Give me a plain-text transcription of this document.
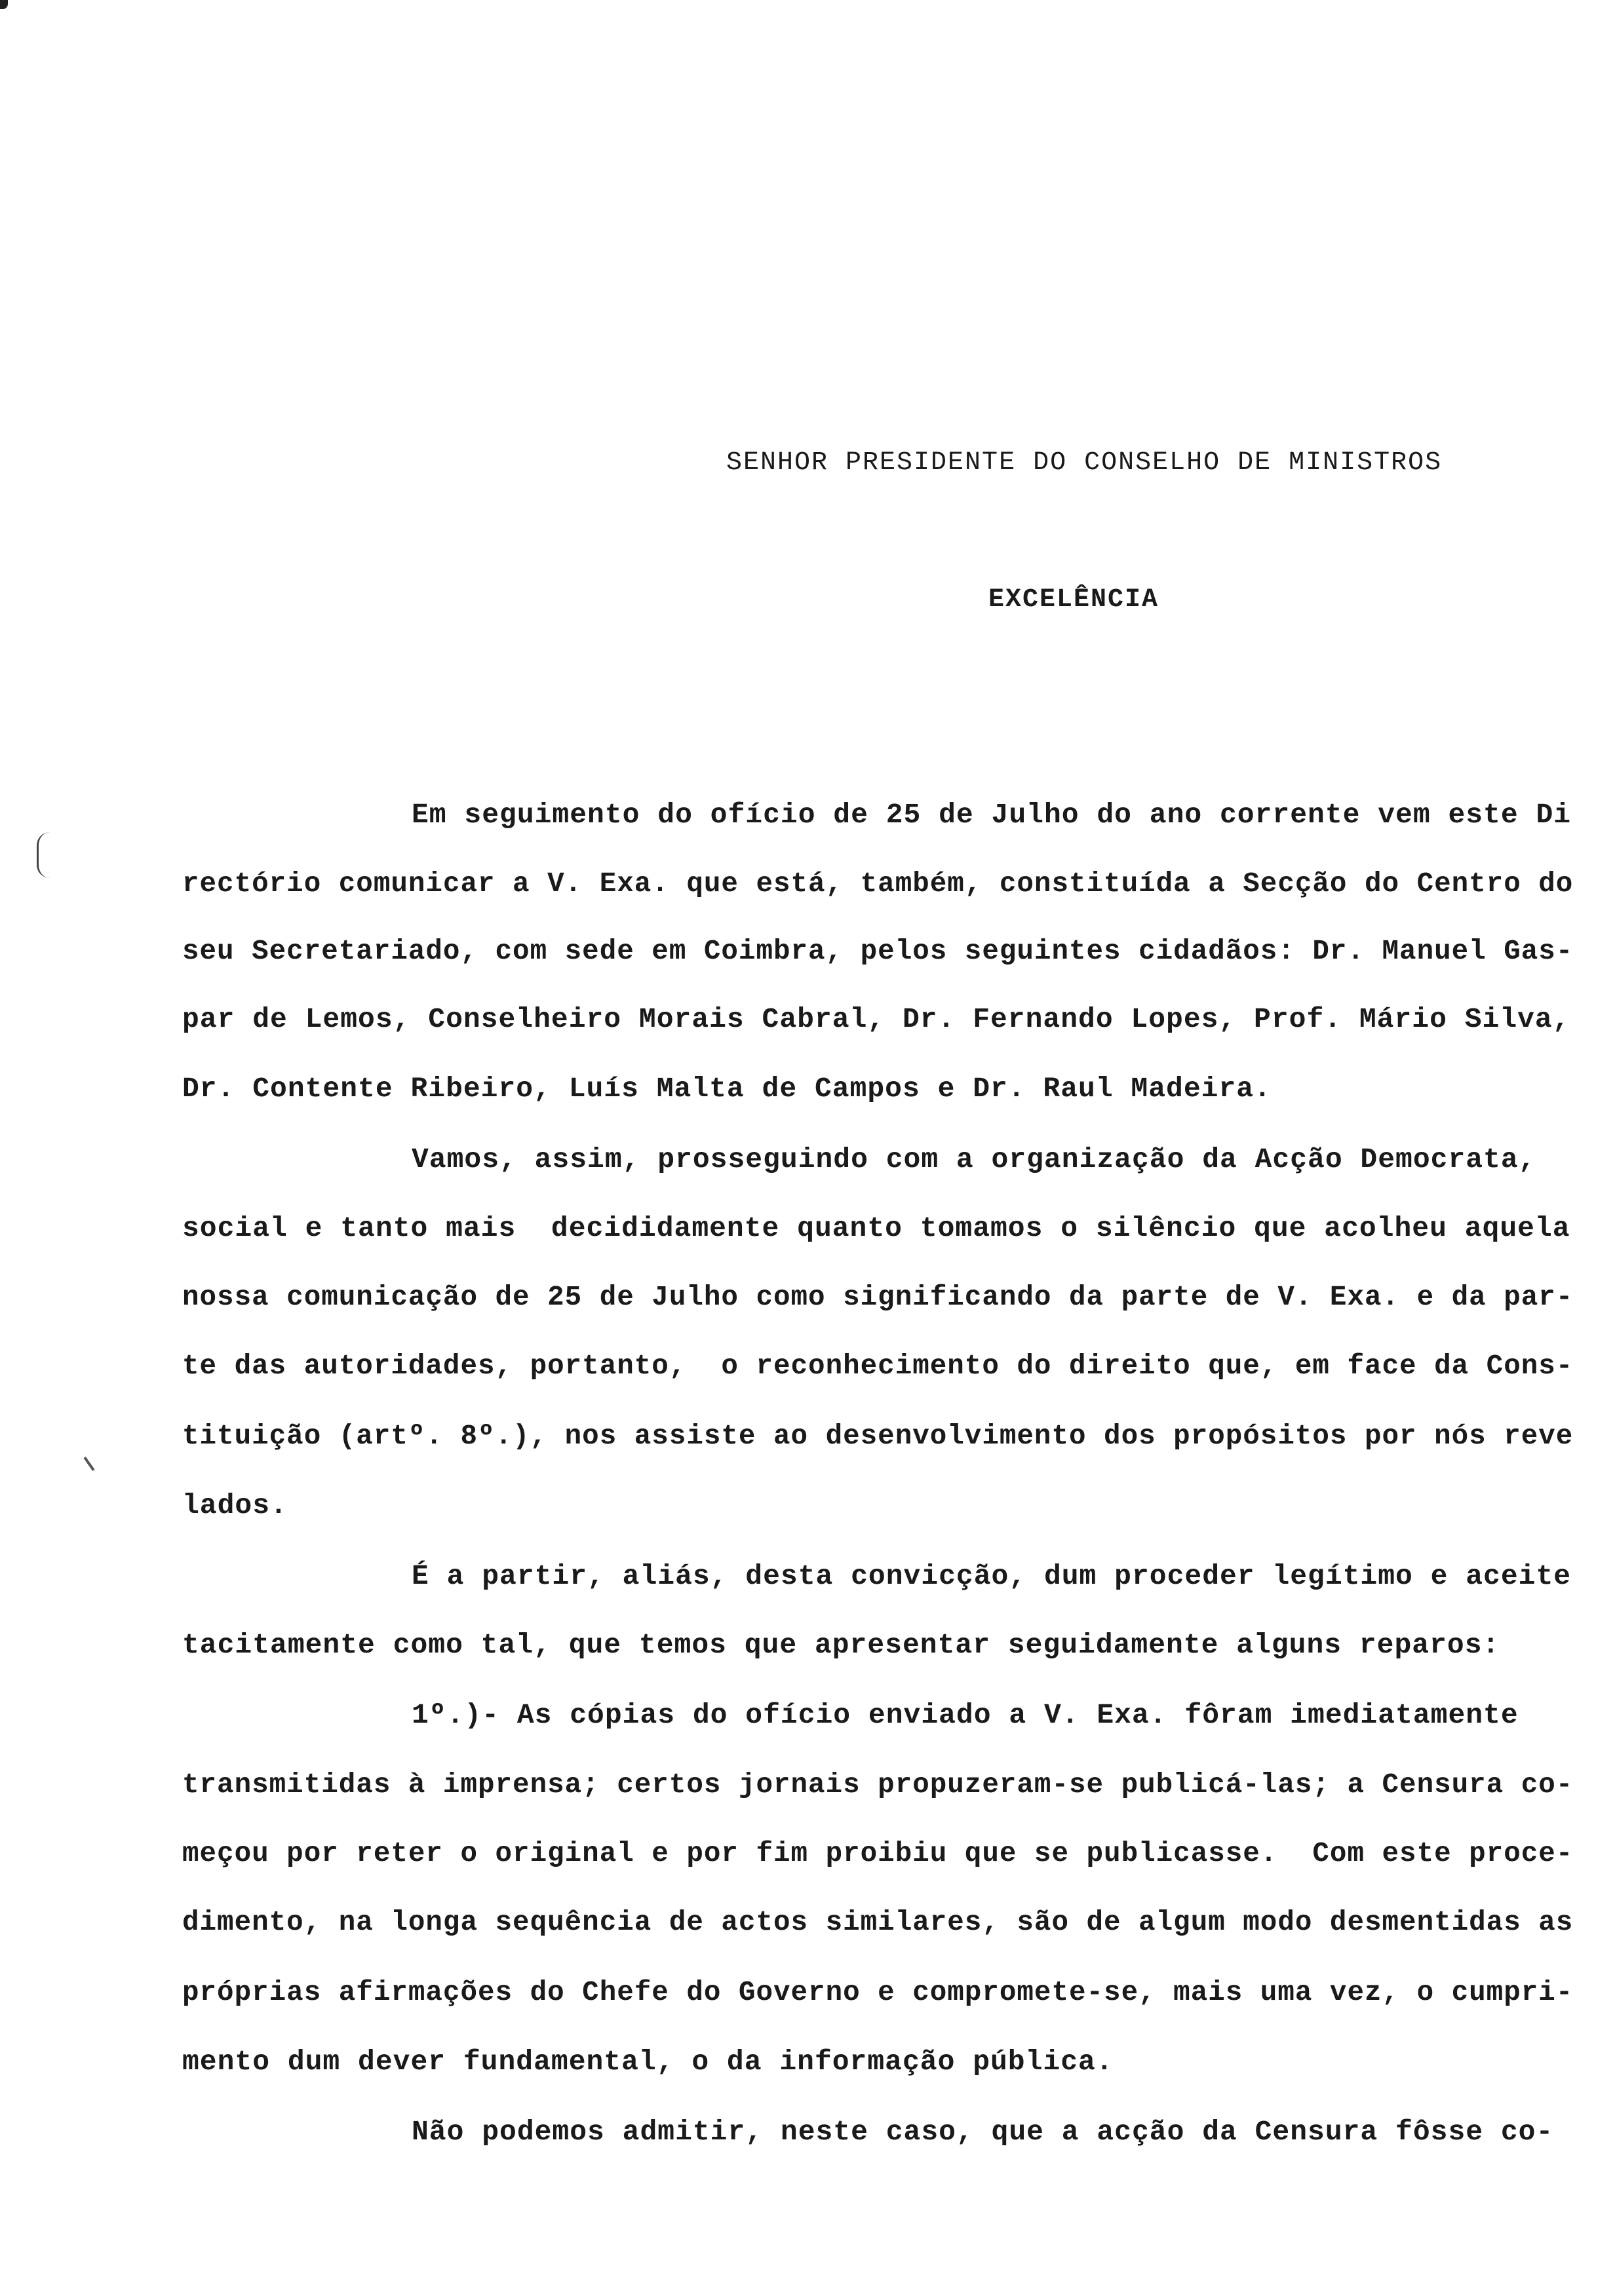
SENHOR PRESIDENTE DO CONSELHO DE MINISTROS
EXCELÊNCIA
Em seguimento do ofício de 25 de Julho do ano corrente vem este Di
rectório comunicar a V. Exa. que está, também, constituída a Secção do Centro do
seu Secretariado, com sede em Coimbra, pelos seguintes cidadãos: Dr. Manuel Gas-
par de Lemos, Conselheiro Morais Cabral, Dr. Fernando Lopes, Prof. Mário Silva,
Dr. Contente Ribeiro, Luís Malta de Campos e Dr. Raul Madeira.
Vamos, assim, prosseguindo com a organização da Acção Democrata,
social e tanto mais  decididamente quanto tomamos o silêncio que acolheu aquela
nossa comunicação de 25 de Julho como significando da parte de V. Exa. e da par-
te das autoridades, portanto,  o reconhecimento do direito que, em face da Cons-
tituição (artº. 8º.), nos assiste ao desenvolvimento dos propósitos por nós reve
lados.
É a partir, aliás, desta convicção, dum proceder legítimo e aceite
tacitamente como tal, que temos que apresentar seguidamente alguns reparos:
1º.)- As cópias do ofício enviado a V. Exa. fôram imediatamente
transmitidas à imprensa; certos jornais propuzeram-se publicá-las; a Censura co-
meçou por reter o original e por fim proibiu que se publicasse.  Com este proce-
dimento, na longa sequência de actos similares, são de algum modo desmentidas as
próprias afirmações do Chefe do Governo e compromete-se, mais uma vez, o cumpri-
mento dum dever fundamental, o da informação pública.
Não podemos admitir, neste caso, que a acção da Censura fôsse co-
